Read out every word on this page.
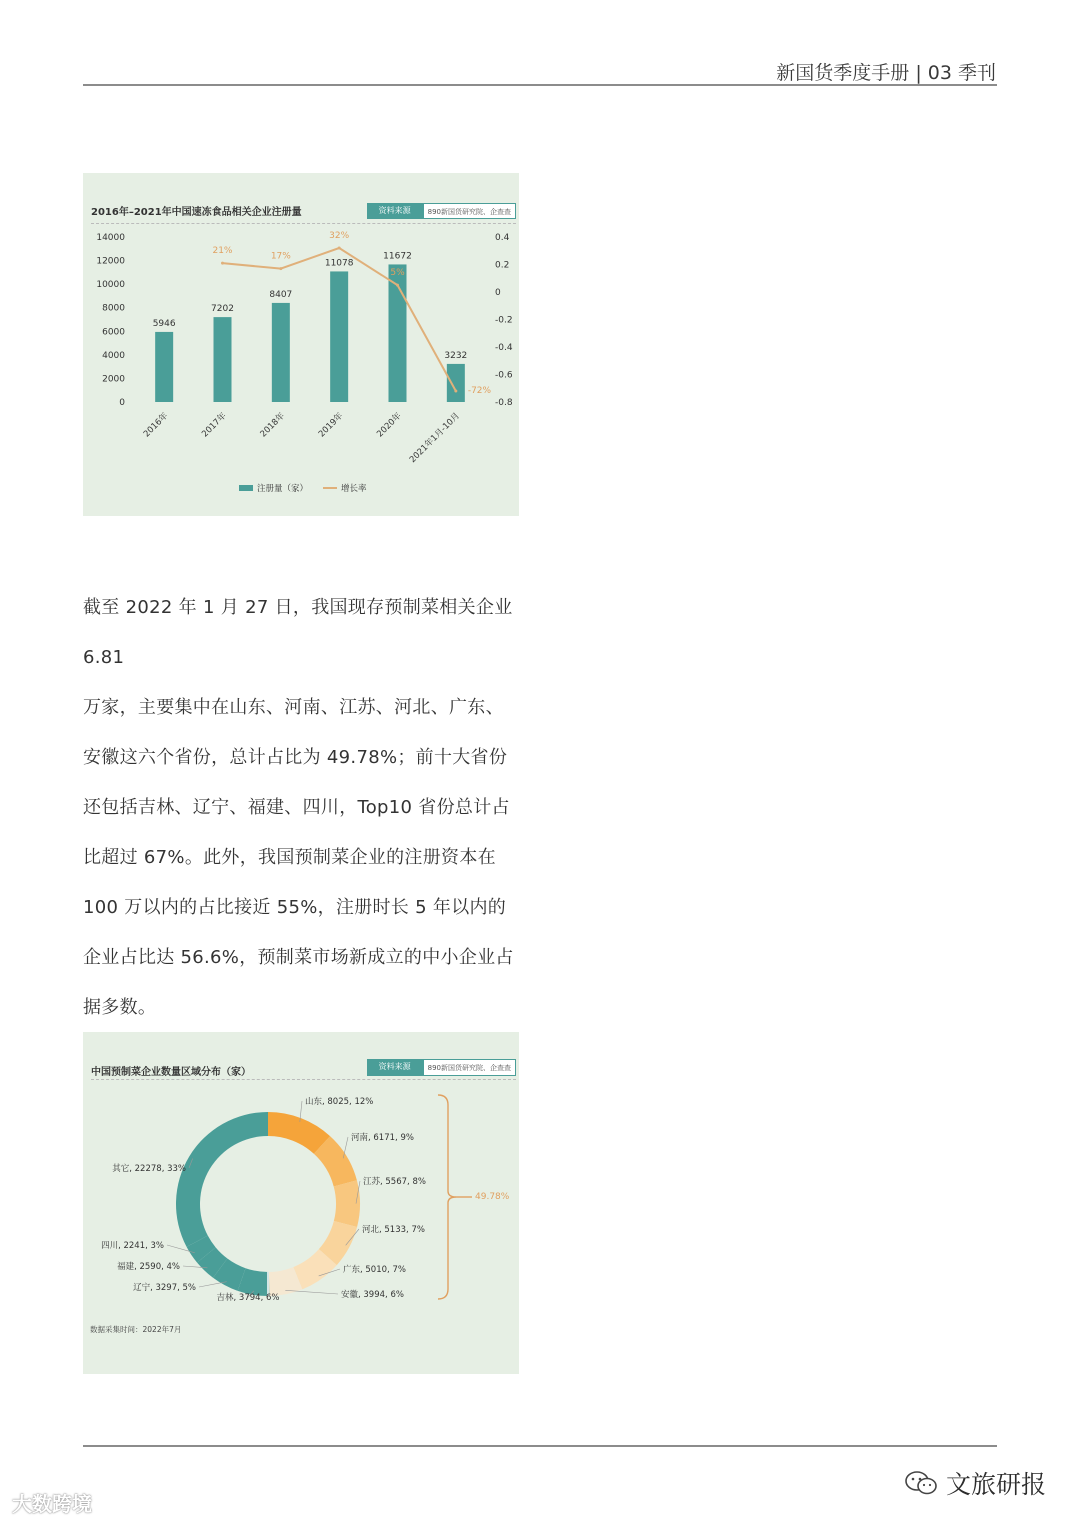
新国货季度手册 | 03 季刊
2016年–2021年中国速冻食品相关企业注册量	资料来源	890新国货研究院、企查查
0
2000
4000
6000
8000
10000
12000
14000	0.4
0.2
0
-0.2
-0.4
-0.6
-0.8
5946
2016年
7202
2017年
8407
2018年
11078
2019年
11672
2020年
3232
2021年1月-10月
21%
17%
32%
5%
-72%
注册量（家）	增长率

截至 2022 年 1 月 27 日，我国现存预制菜相关企业 6.81

万家，主要集中在山东、河南、江苏、河北、广东、

安徽这六个省份，总计占比为 49.78%；前十大省份

还包括吉林、辽宁、福建、四川，Top10 省份总计占

比超过 67%。此外，我国预制菜企业的注册资本在

100 万以内的占比接近 55%，注册时长 5 年以内的

企业占比达 56.6%，预制菜市场新成立的中小企业占

据多数。

中国预制菜企业数量区域分布（家）
资料来源	890新国货研究院、企查查
数据采集时间：2022年7月
49.78%
山东, 8025, 12%
河南, 6171, 9%
江苏, 5567, 8%
河北, 5133, 7%
广东, 5010, 7%
安徽, 3994, 6%
吉林, 3794, 6%
辽宁, 3297, 5%
福建, 2590, 4%
四川, 2241, 3%
其它, 22278, 33%
大数跨境
文旅研报
